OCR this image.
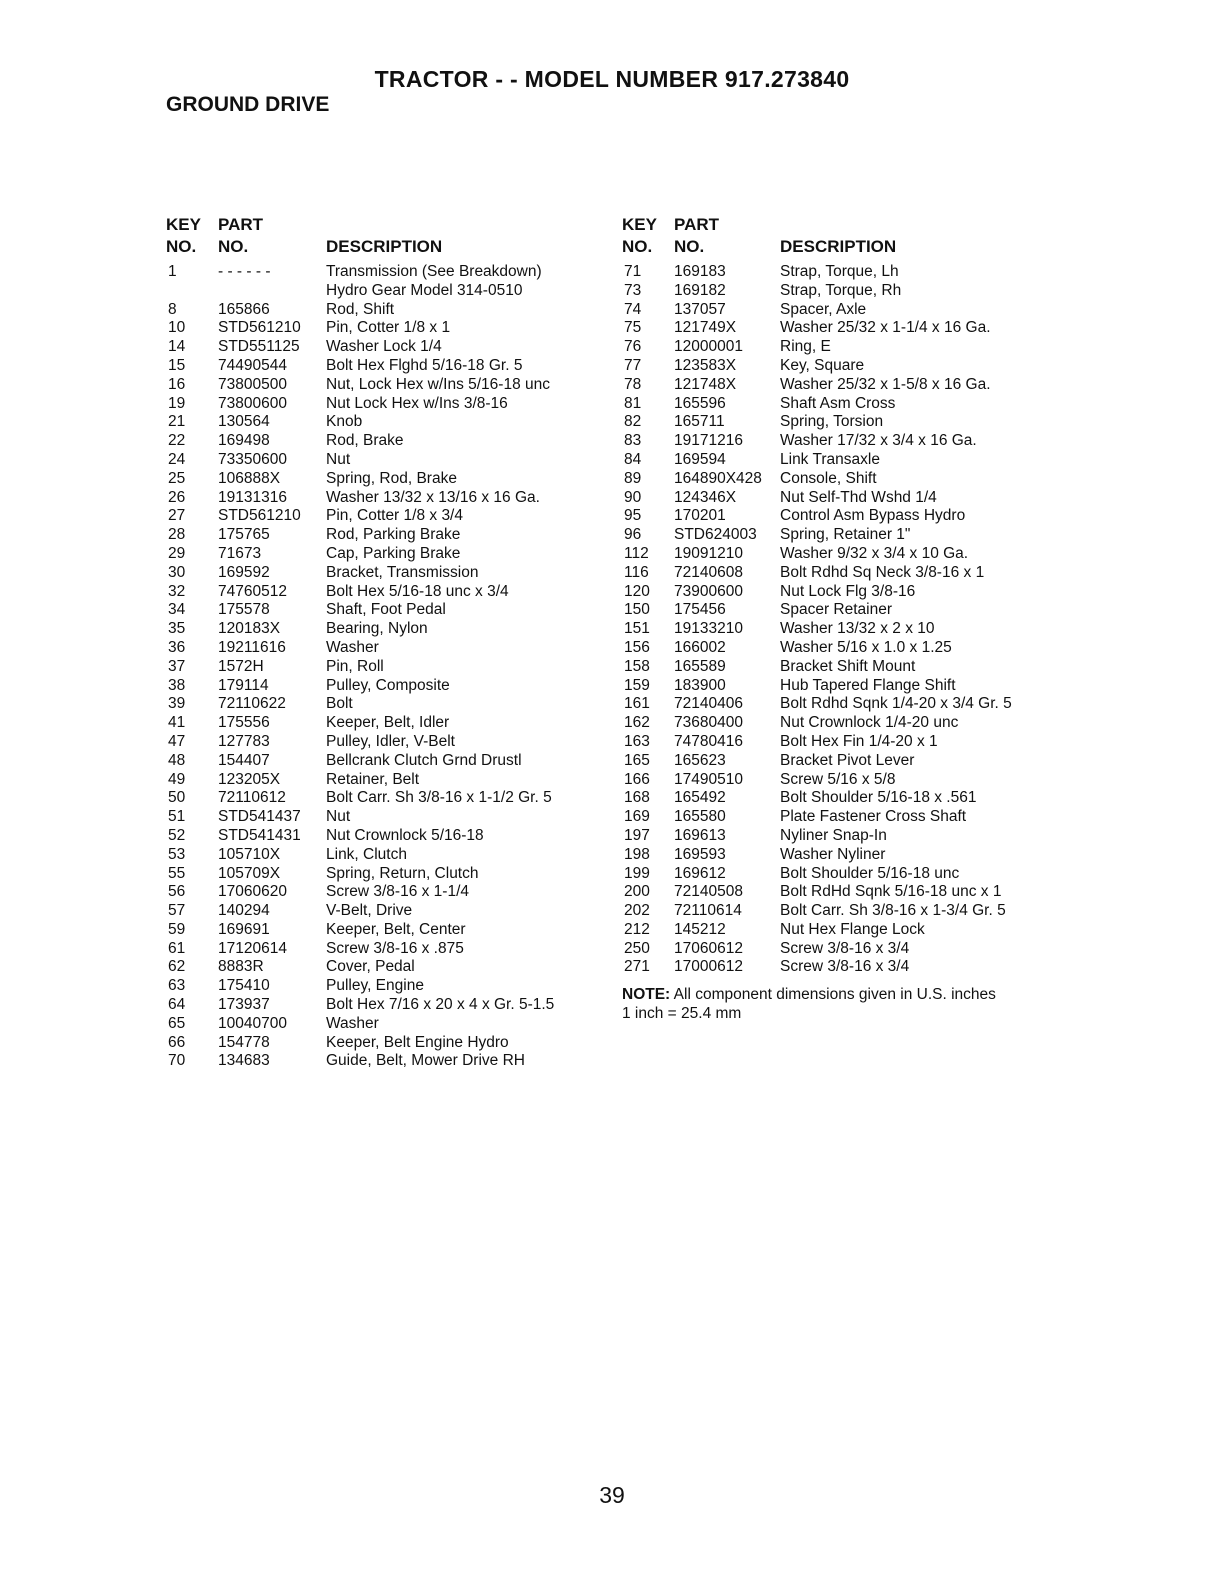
TRACTOR - - MODEL NUMBER 917.273840
GROUND DRIVE
KEY PART
NO. NO.	DESCRIPTION
1	- - - - - -	Transmission (See Breakdown)
Hydro Gear Model 314-0510
8	165866	Rod, Shift
10 STD561210 Pin, Cotter 1/8 x 1
14 STD551125 Washer Lock 1/4
15 74490544	Bolt Hex Flghd 5/16-18 Gr. 5
16 73800500	Nut, Lock Hex w/Ins 5/16-18 unc
19 73800600	Nut Lock Hex w/Ins 3/8-16
21 130564	Knob
22 169498	Rod, Brake
24 73350600	Nut
25 106888X	Spring, Rod, Brake
26 19131316	Washer 13/32 x 13/16 x 16 Ga.
27 STD561210 Pin, Cotter 1/8 x 3/4
28 175765	Rod, Parking Brake
29 71673	Cap, Parking Brake
30 169592	Bracket, Transmission
32 74760512	Bolt Hex 5/16-18 unc x 3/4
34 175578	Shaft, Foot Pedal
35 120183X	Bearing, Nylon
36 19211616	Washer
37 1572H	Pin, Roll
38 179114	Pulley, Composite
39 72110622	Bolt
41 175556	Keeper, Belt, Idler
47 127783	Pulley, Idler, V-Belt
48 154407	Bellcrank Clutch Grnd Drustl
49 123205X	Retainer, Belt
50 72110612	Bolt Carr. Sh 3/8-16 x 1-1/2 Gr. 5
51 STD541437 Nut
52 STD541431 Nut Crownlock 5/16-18
53 105710X	Link, Clutch
55 105709X	Spring, Return, Clutch
56 17060620	Screw 3/8-16 x 1-1/4
57 140294	V-Belt, Drive
59 169691	Keeper, Belt, Center
61 17120614	Screw 3/8-16 x .875
62 8883R	Cover, Pedal
63 175410	Pulley, Engine
64 173937	Bolt Hex 7/16 x 20 x 4 x Gr. 5-1.5
65 10040700	Washer
66 154778	Keeper, Belt Engine Hydro
70 134683	Guide, Belt, Mower Drive RH
KEY PART
NO. NO.	DESCRIPTION
71 169183	Strap, Torque, Lh
73 169182	Strap, Torque, Rh
74 137057	Spacer, Axle
75 121749X	Washer 25/32 x 1-1/4 x 16 Ga.
76 12000001 Ring, E
77 123583X	Key, Square
78 121748X	Washer 25/32 x 1-5/8 x 16 Ga.
81 165596	Shaft Asm Cross
82 165711	Spring, Torsion
83 19171216 Washer 17/32 x 3/4 x 16 Ga.
84 169594	Link Transaxle
89 164890X428 Console, Shift
90 124346X	Nut Self-Thd Wshd 1/4
95 170201	Control Asm Bypass Hydro
96 STD624003 Spring, Retainer 1"
112 19091210 Washer 9/32 x 3/4 x 10 Ga.
116 72140608 Bolt Rdhd Sq Neck 3/8-16 x 1
120 73900600 Nut Lock Flg 3/8-16
150 175456	Spacer Retainer
151 19133210 Washer 13/32 x 2 x 10
156 166002	Washer 5/16 x 1.0 x 1.25
158 165589	Bracket Shift Mount
159 183900	Hub Tapered Flange Shift
161 72140406 Bolt Rdhd Sqnk 1/4-20 x 3/4 Gr. 5
162 73680400 Nut Crownlock 1/4-20 unc
163 74780416 Bolt Hex Fin 1/4-20 x 1
165 165623	Bracket Pivot Lever
166 17490510 Screw 5/16 x 5/8
168 165492	Bolt Shoulder 5/16-18 x .561
169 165580	Plate Fastener Cross Shaft
197 169613	Nyliner Snap-In
198 169593	Washer Nyliner
199 169612	Bolt Shoulder 5/16-18 unc
200 72140508 Bolt RdHd Sqnk 5/16-18 unc x 1
202 72110614 Bolt Carr. Sh 3/8-16 x 1-3/4 Gr. 5
212 145212	Nut Hex Flange Lock
250 17060612 Screw 3/8-16 x 3/4
271 17000612 Screw 3/8-16 x 3/4
NOTE: All component dimensions given in U.S. inches
1 inch = 25.4 mm
39
